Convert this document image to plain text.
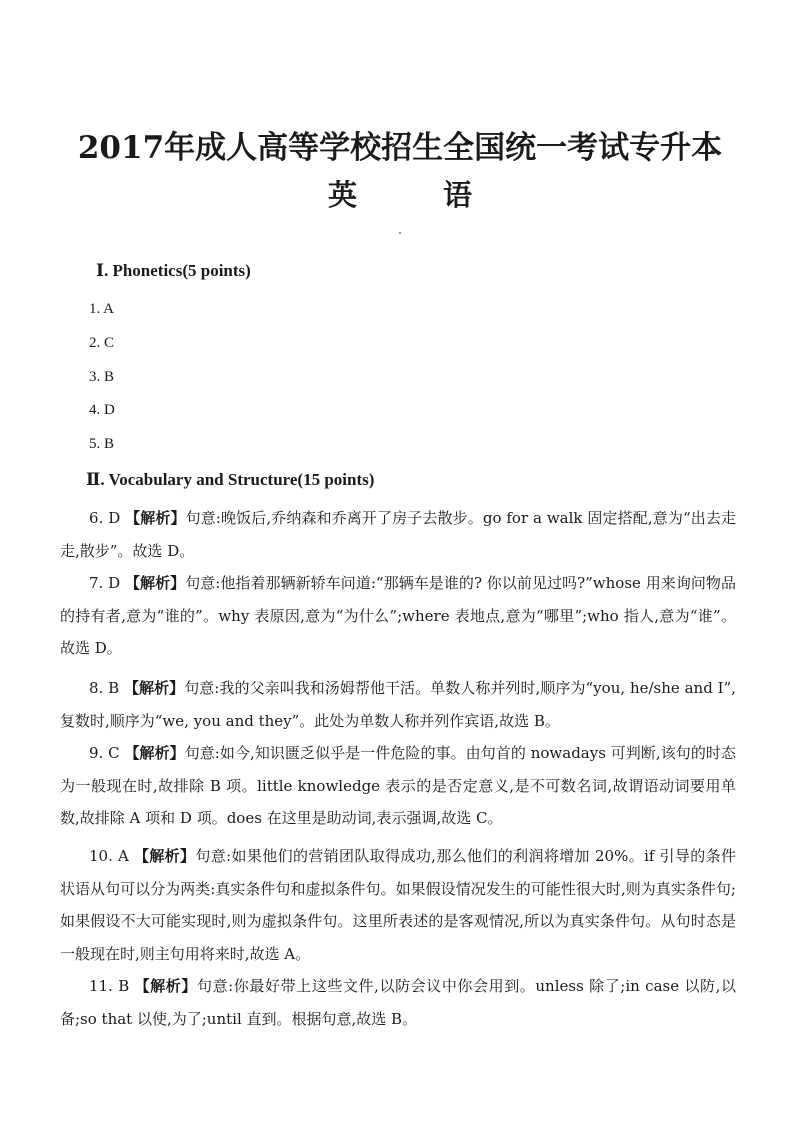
2017年成人高等学校招生全国统一考试专升本
英 语
Ⅰ. Phonetics(5 points)
1. A
2. C
3. B
4. D
5. B
Ⅱ. Vocabulary and Structure(15 points)
6. D 【解析】句意:晚饭后,乔纳森和乔离开了房子去散步。go for a walk 固定搭配,意为“出去走走,散步”。故选 D。
7. D 【解析】句意:他指着那辆新轿车问道:“那辆车是谁的? 你以前见过吗?”whose 用来询问物品的持有者,意为“谁的”。why 表原因,意为“为什么”;where 表地点,意为“哪里”;who 指人,意为“谁”。故选 D。
8. B 【解析】句意:我的父亲叫我和汤姆帮他干活。单数人称并列时,顺序为“you, he/she and I”,复数时,顺序为“we, you and they”。此处为单数人称并列作宾语,故选 B。
9. C 【解析】句意:如今,知识匮乏似乎是一件危险的事。由句首的 nowadays 可判断,该句的时态为一般现在时,故排除 B 项。little knowledge 表示的是否定意义,是不可数名词,故谓语动词要用单数,故排除 A 项和 D 项。does 在这里是助动词,表示强调,故选 C。
10. A 【解析】句意:如果他们的营销团队取得成功,那么他们的利润将增加 20%。if 引导的条件状语从句可以分为两类:真实条件句和虚拟条件句。如果假设情况发生的可能性很大时,则为真实条件句;如果假设不大可能实现时,则为虚拟条件句。这里所表述的是客观情况,所以为真实条件句。从句时态是一般现在时,则主句用将来时,故选 A。
11. B 【解析】句意:你最好带上这些文件,以防会议中你会用到。unless 除了;in case 以防,以备;so that 以使,为了;until 直到。根据句意,故选 B。
